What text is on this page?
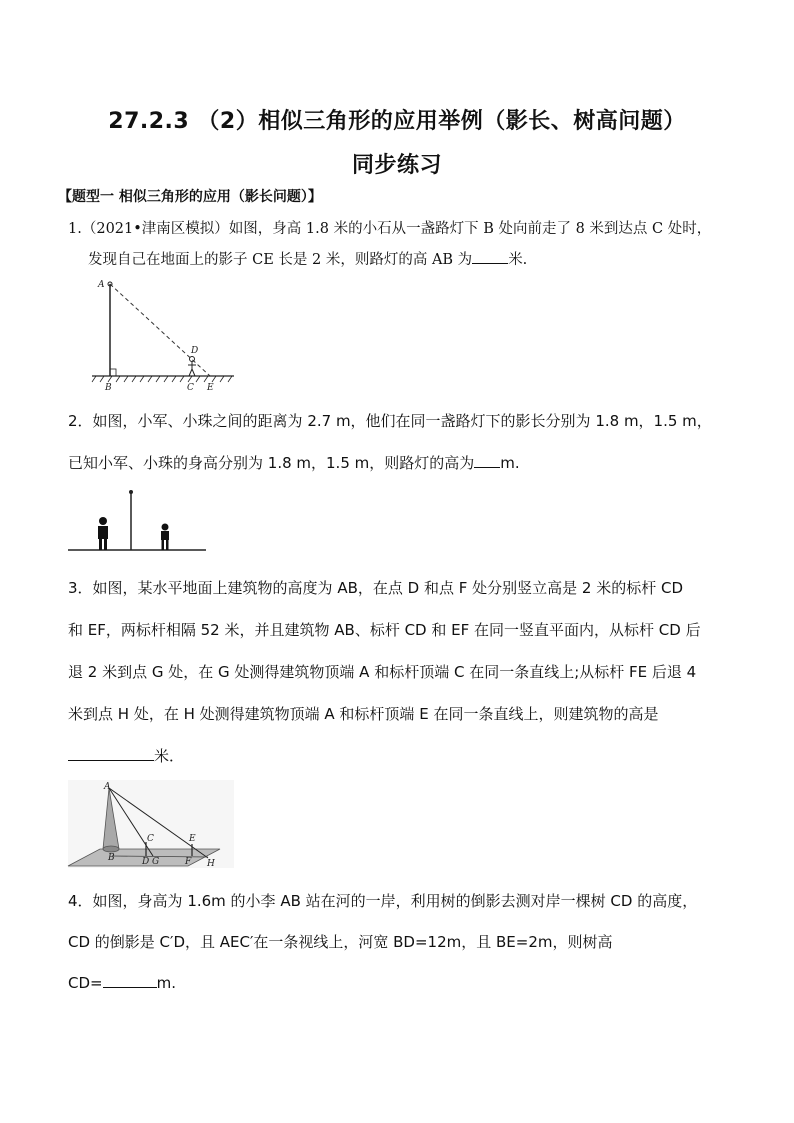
27.2.3 （2）相似三角形的应用举例（影长、树高问题）
同步练习
【题型一 相似三角形的应用（影长问题）】
1.（2021•津南区模拟）如图，身高 1.8 米的小石从一盏路灯下 B 处向前走了 8 米到达点 C 处时，
发现自己在地面上的影子 CE 长是 2 米，则路灯的高 AB 为 米.
A
B	C
D
E
2．如图，小军、小珠之间的距离为 2.7 m，他们在同一盏路灯下的影长分别为 1.8 m，1.5 m，
已知小军、小珠的身高分别为 1.8 m，1.5 m，则路灯的高为 m.
3．如图，某水平地面上建筑物的高度为 AB，在点 D 和点 F 处分别竖立高是 2 米的标杆 CD
和 EF，两标杆相隔 52 米，并且建筑物 AB、标杆 CD 和 EF 在同一竖直平面内，从标杆 CD 后
退 2 米到点 G 处，在 G 处测得建筑物顶端 A 和标杆顶端 C 在同一条直线上;从标杆 FE 后退 4
米到点 H 处，在 H 处测得建筑物顶端 A 和标杆顶端 E 在同一条直线上，则建筑物的高是
米．
A
B
C
D G
E
F H
4．如图，身高为 1.6m 的小李 AB 站在河的一岸，利用树的倒影去测对岸一棵树 CD 的高度，
CD 的倒影是 C′D，且 AEC′在一条视线上，河宽 BD=12m，且 BE=2m，则树高
CD=	m.
